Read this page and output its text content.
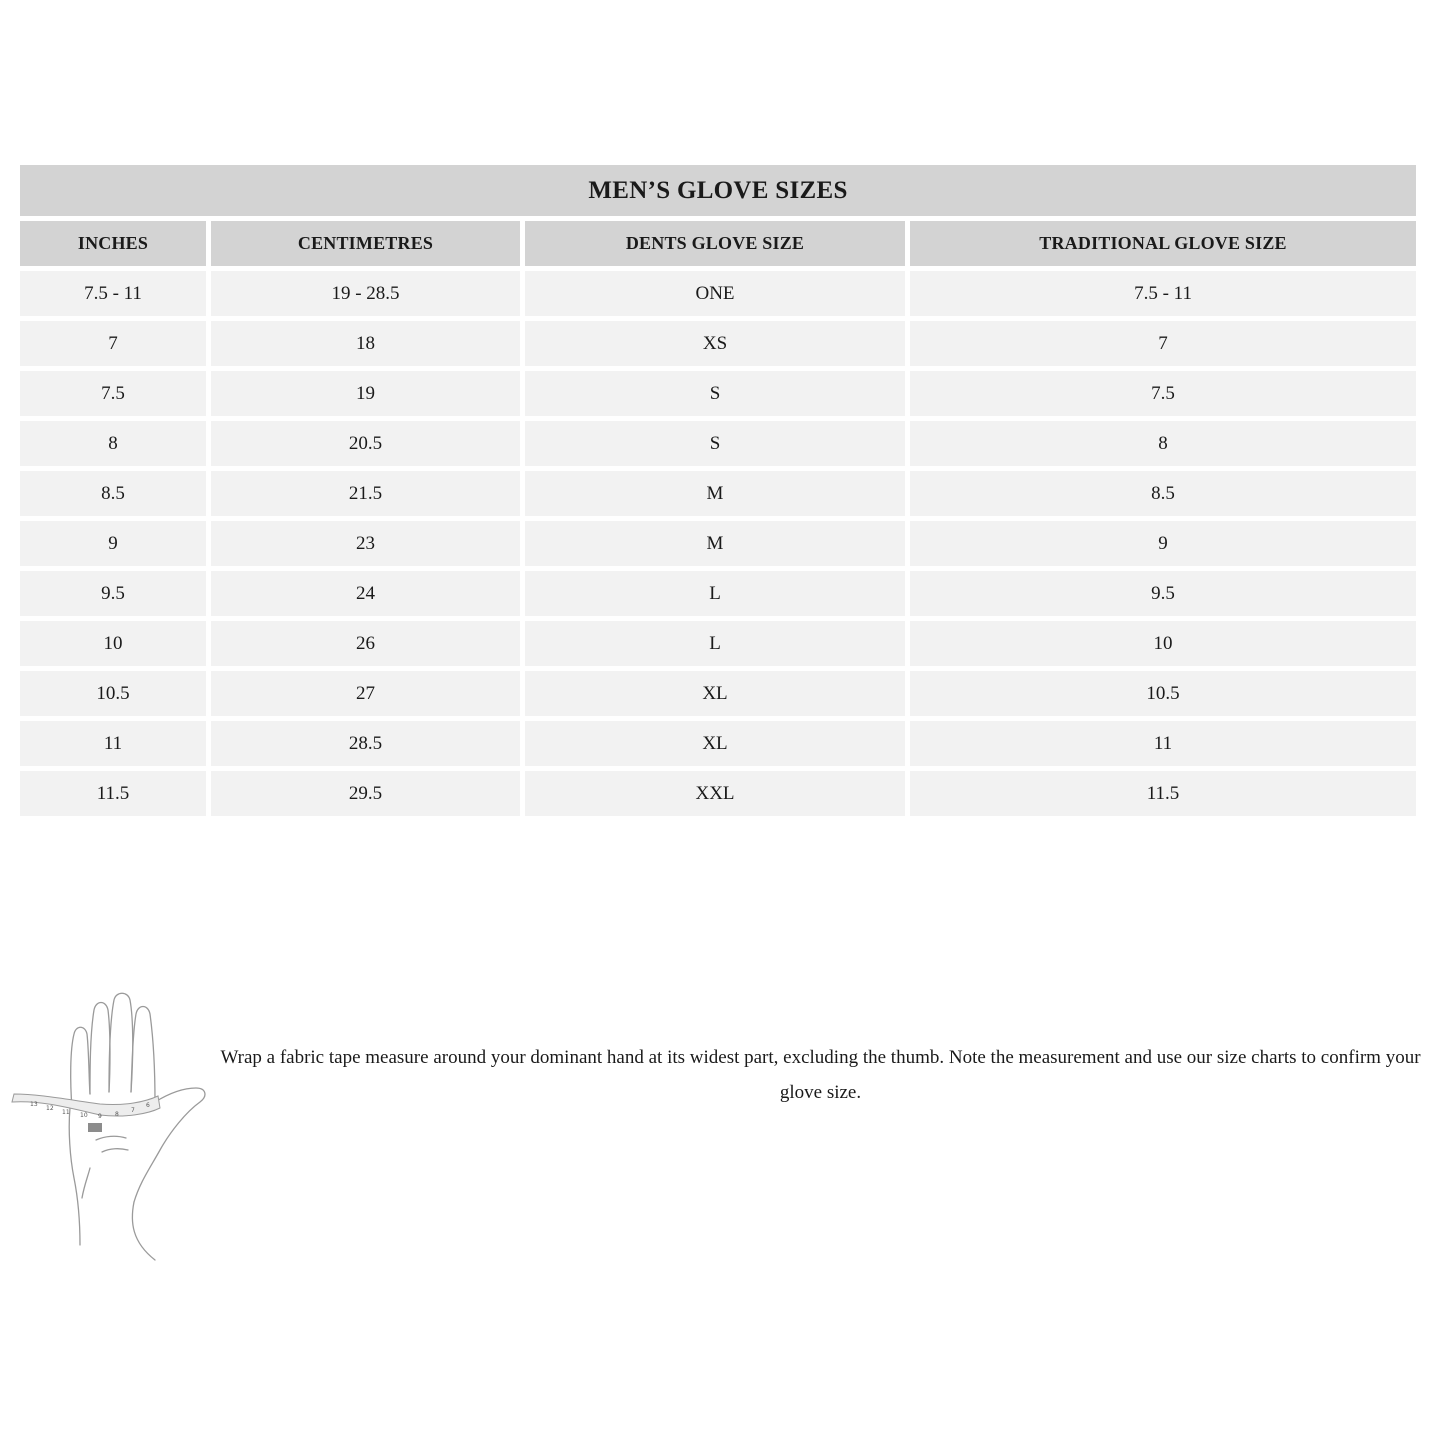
MEN’S GLOVE SIZES			
INCHES	CENTIMETRES	DENTS GLOVE SIZE	TRADITIONAL GLOVE SIZE
7.5 - 11	19 - 28.5	ONE	7.5 - 11
7	18	XS	7
7.5	19	S	7.5
8	20.5	S	8
8.5	21.5	M	8.5
9	23	M	9
9.5	24	L	9.5
10	26	L	10
10.5	27	XL	10.5
11	28.5	XL	11
11.5	29.5	XXL	11.5
13
12
11 10 9 8
7
6

Wrap a fabric tape measure around your dominant hand at its widest part, excluding the thumb. Note the measurement and use our size charts to confirm your glove size.
